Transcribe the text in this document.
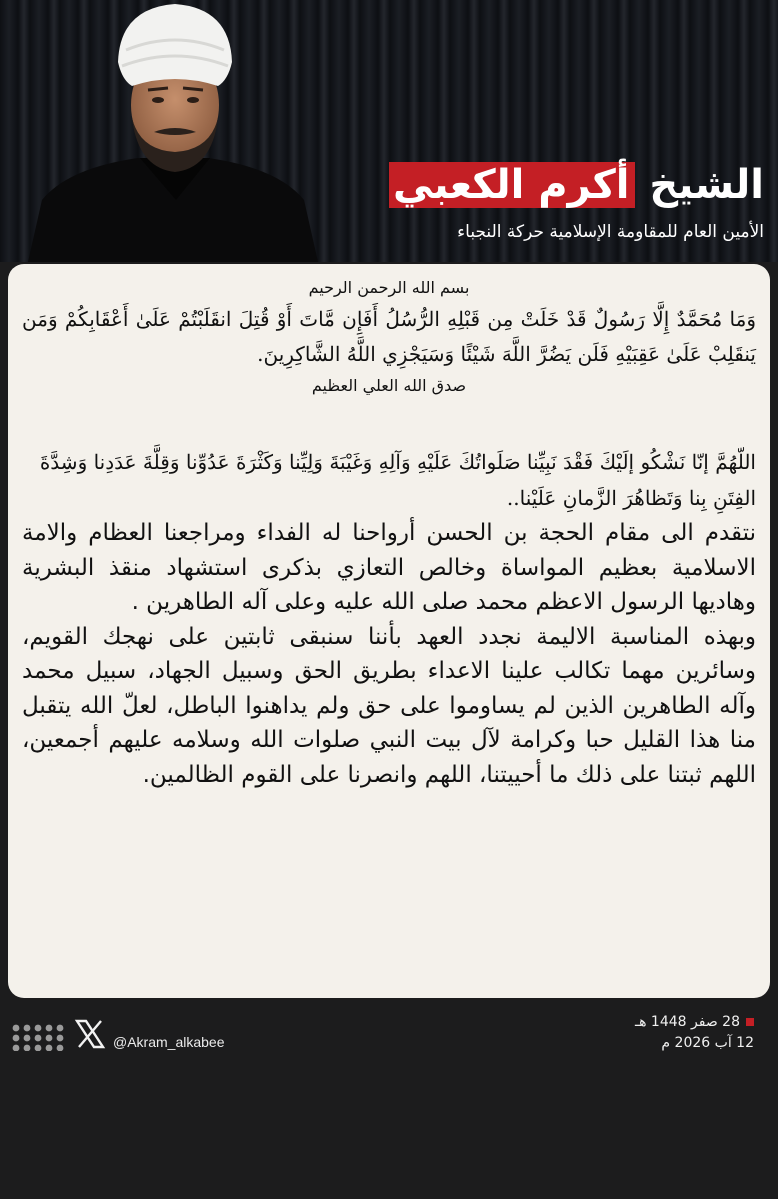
الشيخ أكرم الكعبي
الأمين العام للمقاومة الإسلامية حركة النجباء
بسم الله الرحمن الرحيم
وَمَا مُحَمَّدٌ إِلَّا رَسُولٌ قَدْ خَلَتْ مِن قَبْلِهِ الرُّسُلُ أَفَإِن مَّاتَ أَوْ قُتِلَ انقَلَبْتُمْ عَلَىٰ أَعْقَابِكُمْ وَمَن يَنقَلِبْ عَلَىٰ عَقِبَيْهِ فَلَن يَضُرَّ اللَّهَ شَيْئًا وَسَيَجْزِي اللَّهُ الشَّاكِرِينَ.
صدق الله العلي العظيم
اللّهُمَّ إنّا نَشْكُو إلَيْكَ فَقْدَ نَبِيِّنا صَلَواتُكَ عَلَيْهِ وَآلِهِ وَغَيْبَةَ وَلِيِّنا وَكَثْرَةَ عَدُوِّنا وَقِلَّةَ عَدَدِنا وَشِدَّةَ الفِتَنِ بِنا وَتَظاهُرَ الزَّمانِ عَلَيْنا..

نتقدم الى مقام الحجة بن الحسن أرواحنا له الفداء ومراجعنا العظام والامة الاسلامية بعظيم المواساة وخالص التعازي بذكرى استشهاد منقذ البشرية وهاديها الرسول الاعظم محمد صلى الله عليه وعلى آله الطاهرين .

وبهذه المناسبة الاليمة نجدد العهد بأننا سنبقى ثابتين على نهجك القويم، وسائرين مهما تكالب علينا الاعداء بطريق الحق وسبيل الجهاد، سبيل محمد وآله الطاهرين الذين لم يساوموا على حق ولم يداهنوا الباطل، لعلّ الله يتقبل منا هذا القليل حبا وكرامة لآل بيت النبي صلوات الله وسلامه عليهم أجمعين، اللهم ثبتنا على ذلك ما أحييتنا، اللهم وانصرنا على القوم الظالمين.

@Akram_alkabee
28 صفر 1448 هـ
12 آب 2026 م
